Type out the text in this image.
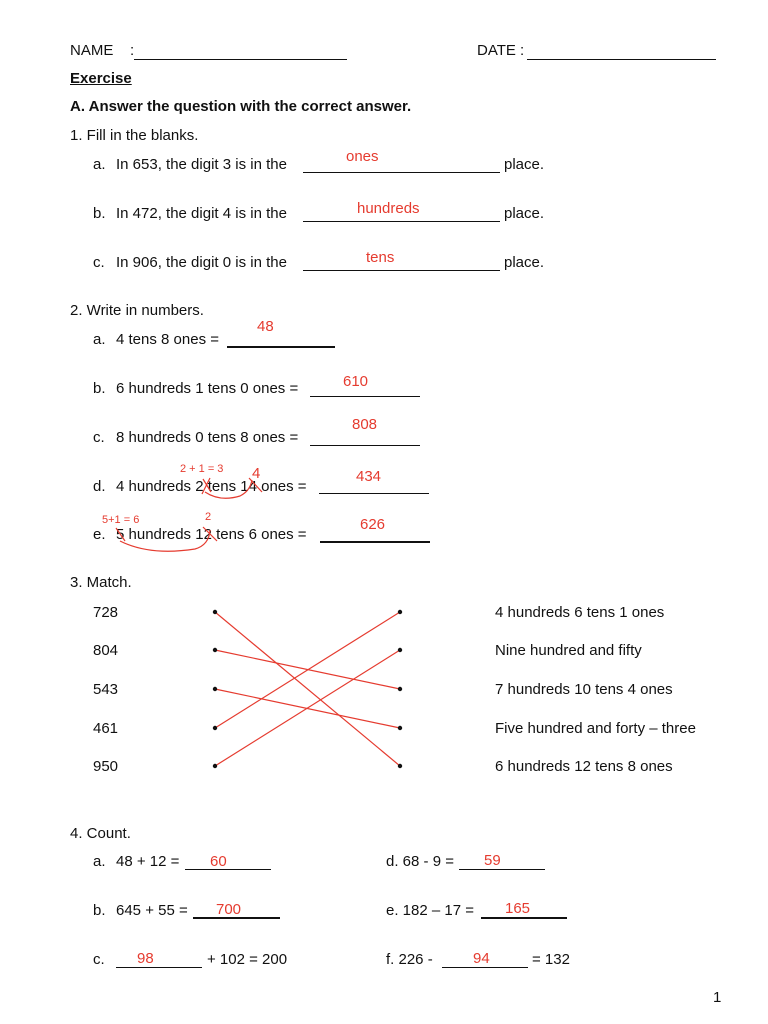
NAME :	DATE :
Exercise
A. Answer the question with the correct answer.
1. Fill in the blanks.
a. In 653, the digit 3 is in the	ones	place.
b. In 472, the digit 4 is in the	hundreds	place.
c. In 906, the digit 0 is in the	tens	place.
2. Write in numbers.
a. 4 tens 8 ones =
48
b. 6 hundreds 1 tens 0 ones =	610
c. 8 hundreds 0 tens 8 ones =
808
d. 4 hundreds 2 tens 14 ones =
434
2 + 1 = 3 4
e. 5 hundreds 12 tens 6 ones =
626
5+1 = 6	2
3. Match.
728
804
543
461
950
4 hundreds 6 tens 1 ones
Nine hundred and fifty
7 hundreds 10 tens 4 ones
Five hundred and forty – three
6 hundreds 12 tens 8 ones
4. Count.
a. 48 + 12 = 60
b. 645 + 55 = 700
c. 98	+ 102 = 200
d. 68 - 9 = 59
e. 182 – 17 = 165
f. 226 -	94	= 132
1
